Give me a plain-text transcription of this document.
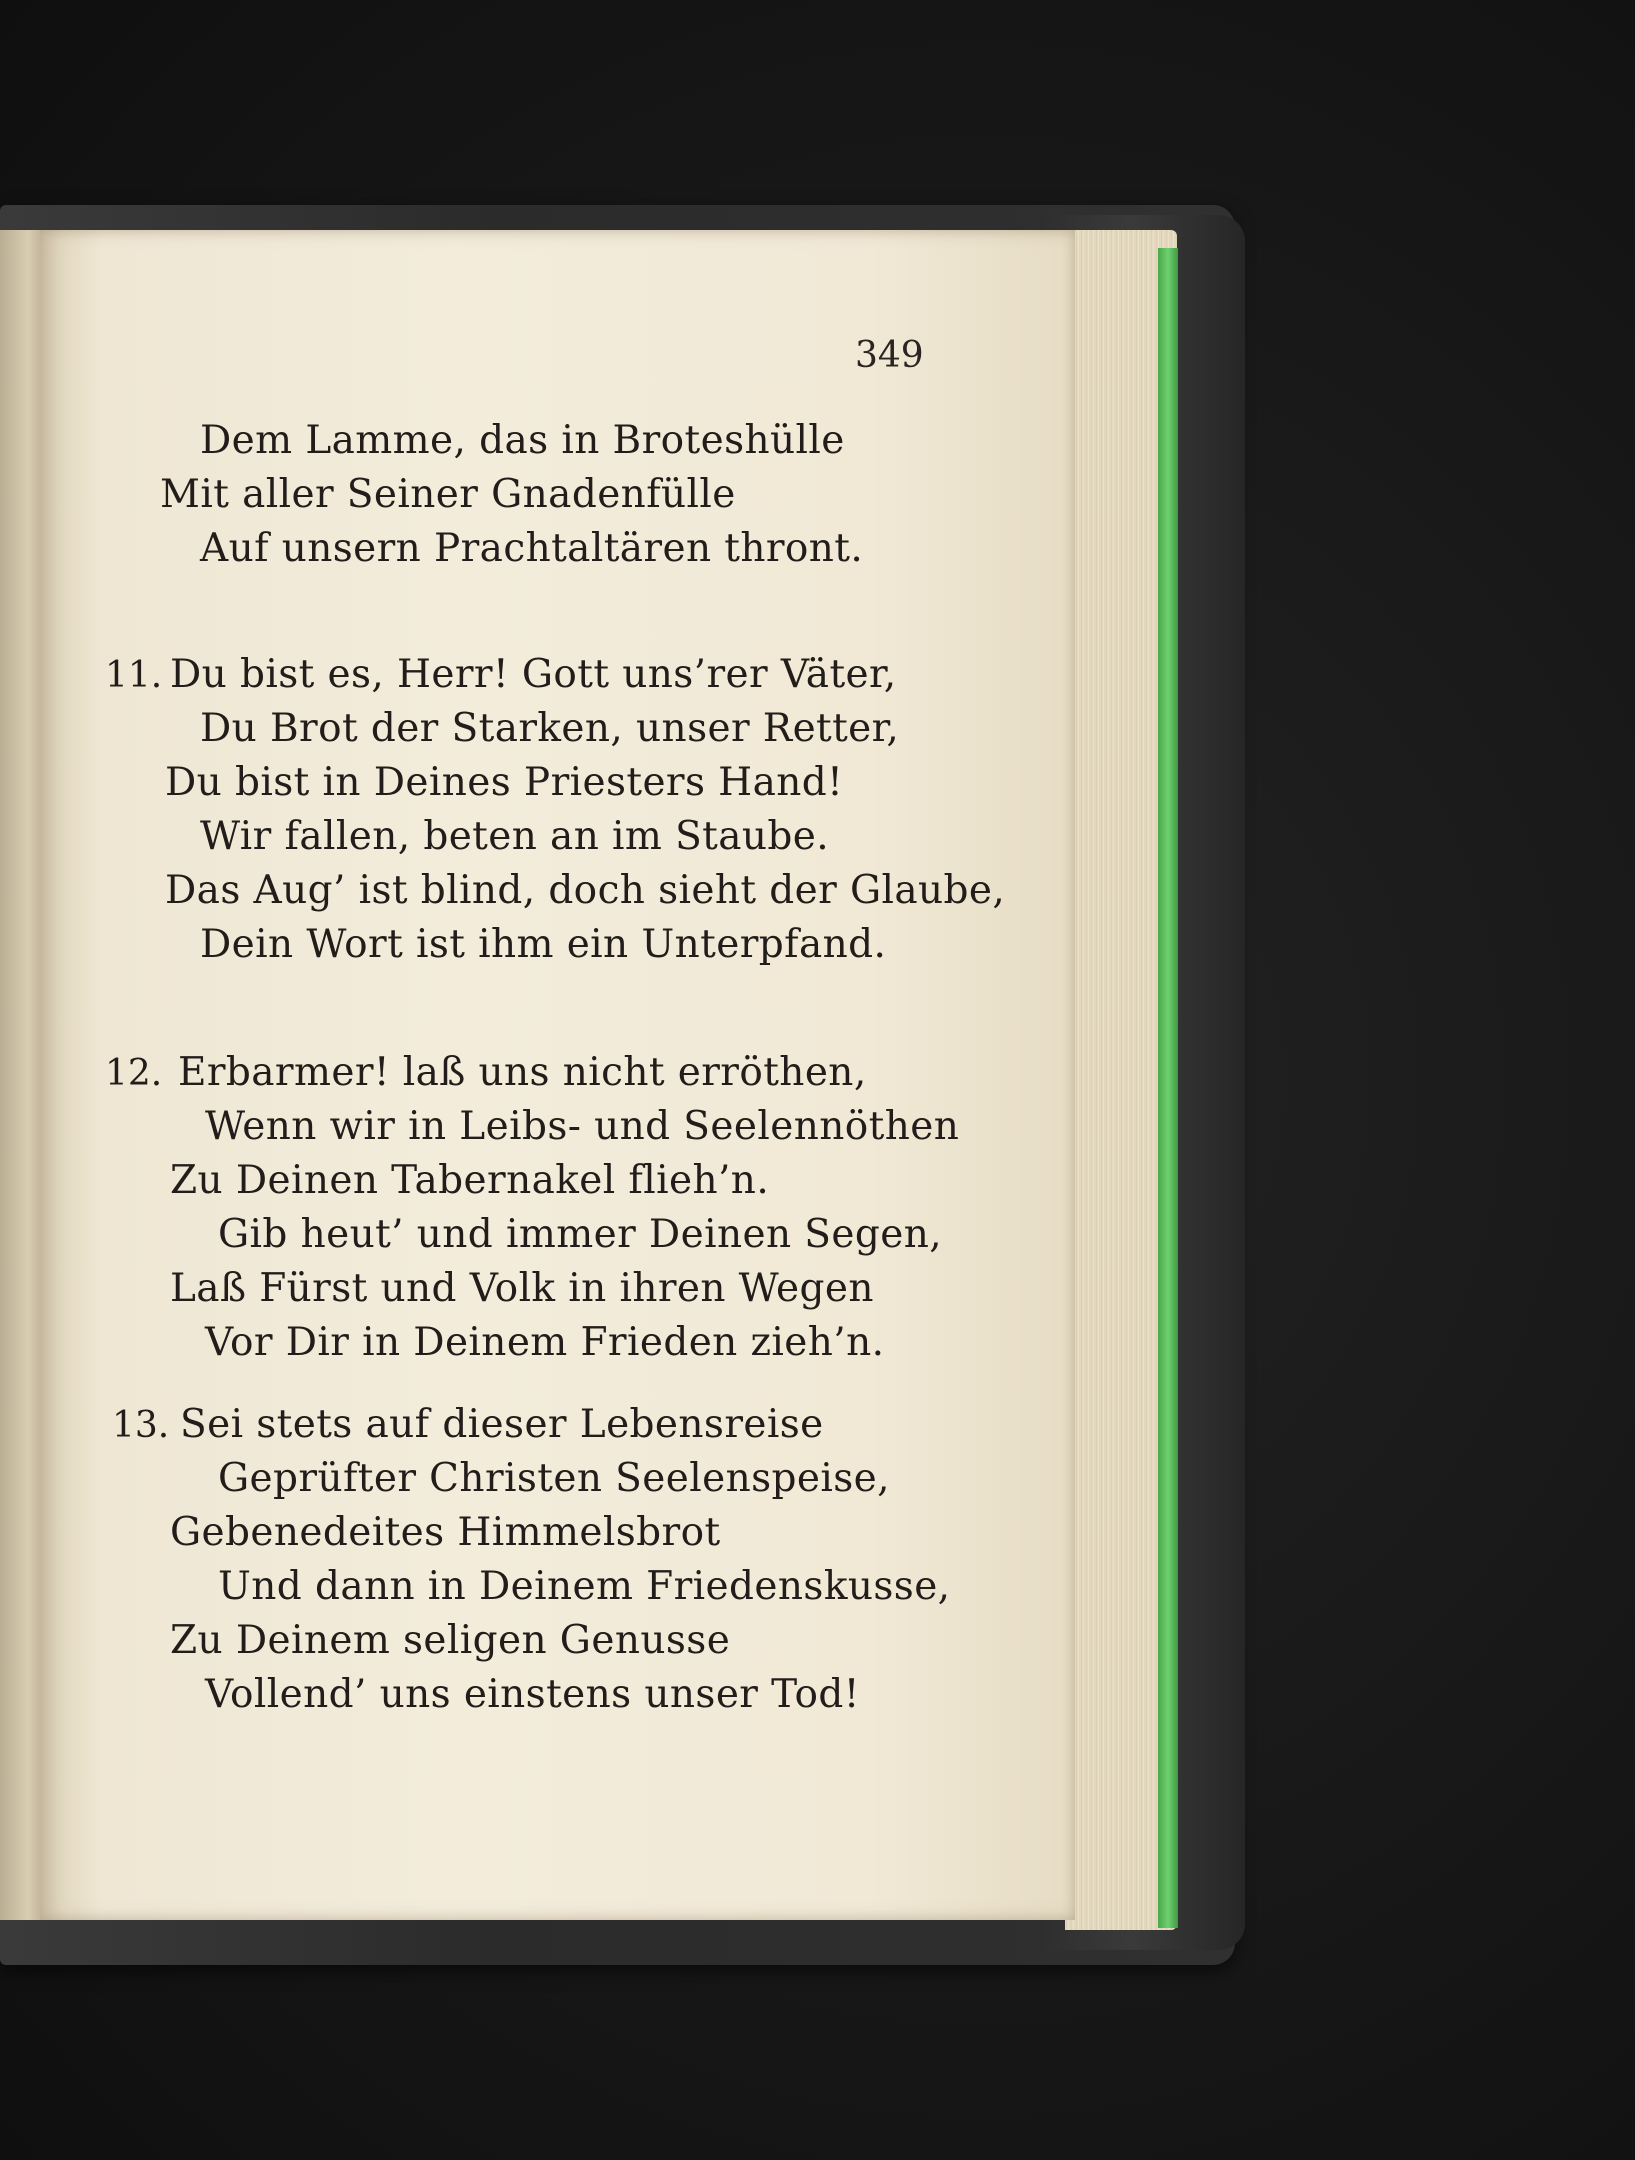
349
Dem Lamme, das in Broteshülle
Mit aller Seiner Gnadenfülle
Auf unsern Prachtaltären thront.
11. Du bist es, Herr! Gott uns’rer Väter,
Du Brot der Starken, unser Retter,
Du bist in Deines Priesters Hand!
Wir fallen, beten an im Staube.
Das Aug’ ist blind, doch sieht der Glaube,
Dein Wort ist ihm ein Unterpfand.
12. Erbarmer! laß uns nicht erröthen,
Wenn wir in Leibs- und Seelennöthen
Zu Deinen Tabernakel flieh’n.
Gib heut’ und immer Deinen Segen,
Laß Fürst und Volk in ihren Wegen
Vor Dir in Deinem Frieden zieh’n.
13. Sei stets auf dieser Lebensreise
Geprüfter Christen Seelenspeise,
Gebenedeites Himmelsbrot
Und dann in Deinem Friedenskusse,
Zu Deinem seligen Genusse
Vollend’ uns einstens unser Tod!
